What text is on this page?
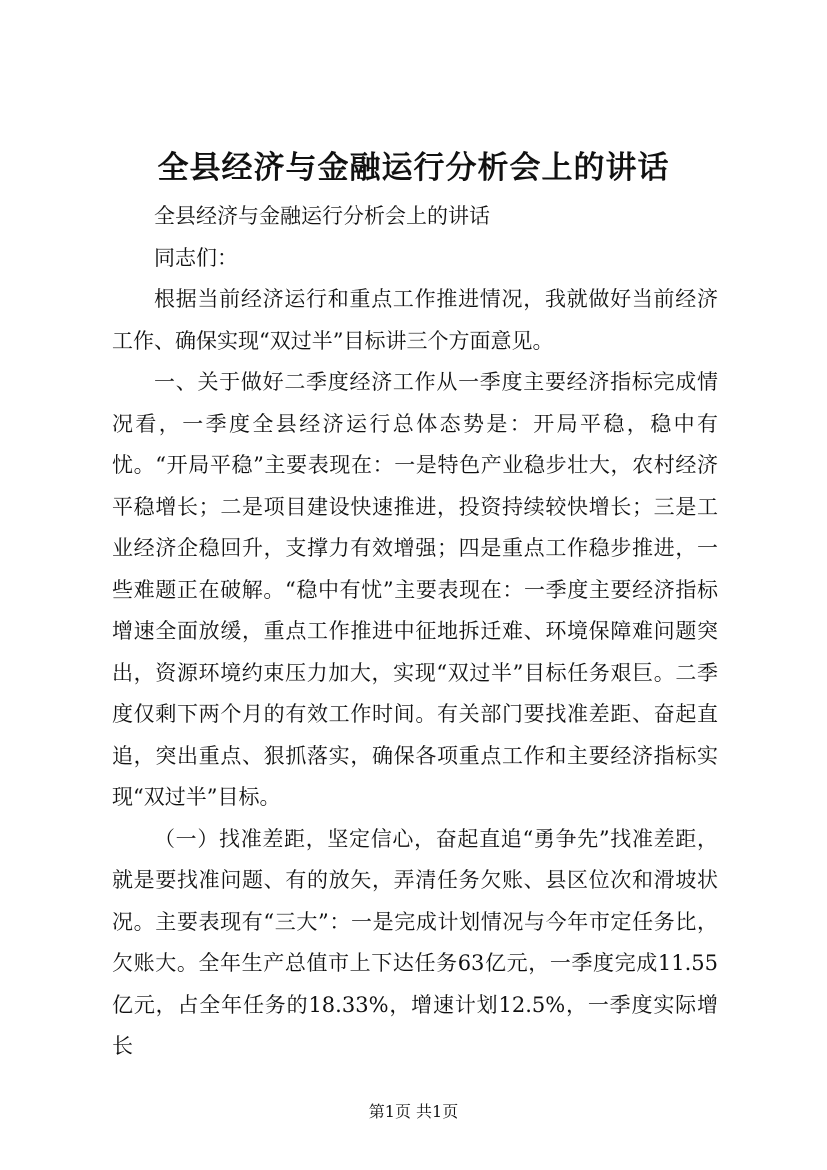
全县经济与金融运行分析会上的讲话

全县经济与金融运行分析会上的讲话

同志们：

根据当前经济运行和重点工作推进情况，我就做好当前经济工作、确保实现“双过半”目标讲三个方面意见。

一、关于做好二季度经济工作从一季度主要经济指标完成情况看，一季度全县经济运行总体态势是：开局平稳，稳中有忧。“开局平稳”主要表现在：一是特色产业稳步壮大，农村经济平稳增长；二是项目建设快速推进，投资持续较快增长；三是工业经济企稳回升，支撑力有效增强；四是重点工作稳步推进，一些难题正在破解。“稳中有忧”主要表现在：一季度主要经济指标增速全面放缓，重点工作推进中征地拆迁难、环境保障难问题突出，资源环境约束压力加大，实现“双过半”目标任务艰巨。二季度仅剩下两个月的有效工作时间。有关部门要找准差距、奋起直追，突出重点、狠抓落实，确保各项重点工作和主要经济指标实现“双过半”目标。

（一）找准差距，坚定信心，奋起直追“勇争先”找准差距，就是要找准问题、有的放矢，弄清任务欠账、县区位次和滑坡状况。主要表现有“三大”：一是完成计划情况与今年市定任务比，欠账大。全年生产总值市上下达任务63亿元，一季度完成11.55亿元，占全年任务的18.33%，增速计划12.5%，一季度实际增长

第1页 共1页
